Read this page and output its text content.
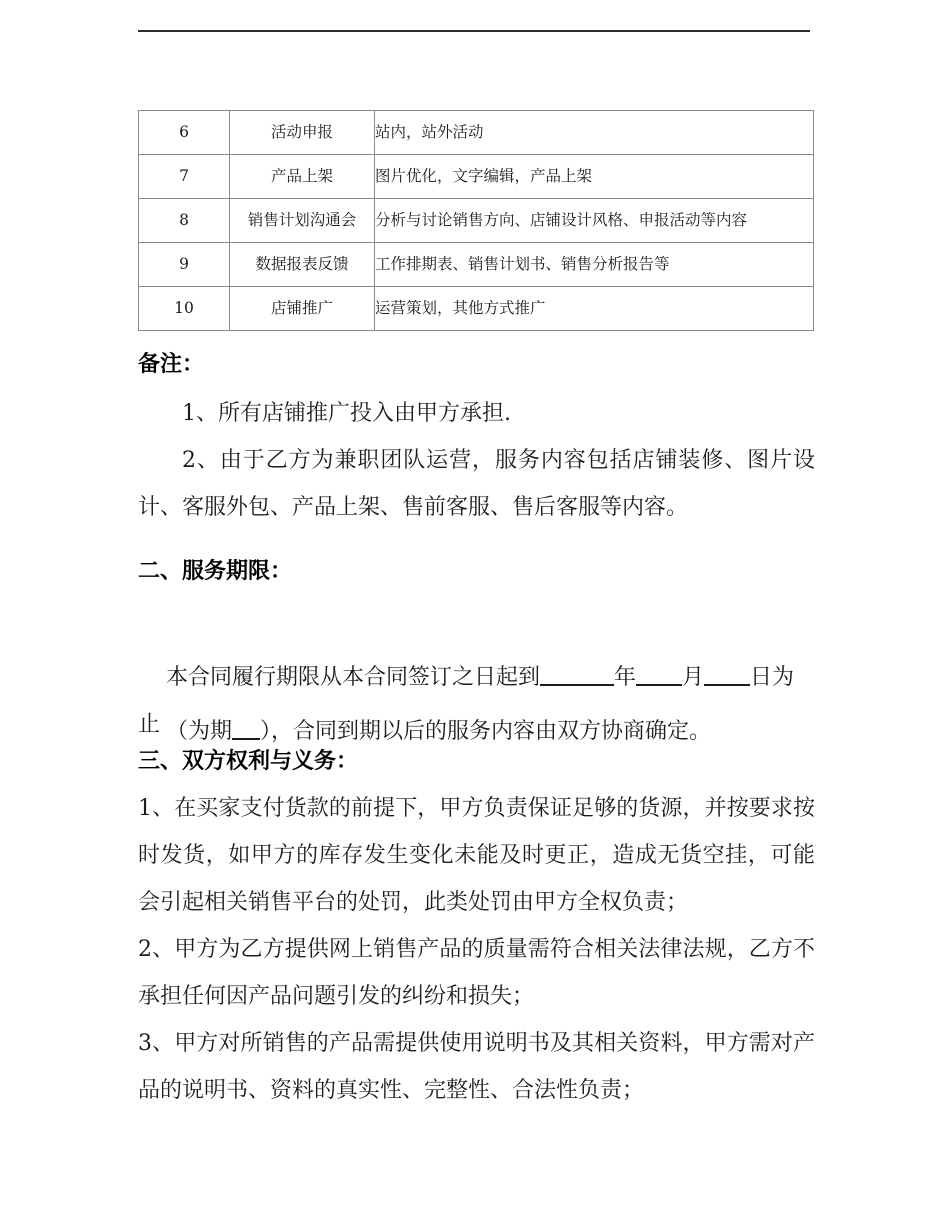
6	活动申报	站内，站外活动
7	产品上架	图片优化，文字编辑，产品上架
8	销售计划沟通会	分析与讨论销售方向、店铺设计风格、申报活动等内容
9	数据报表反馈	工作排期表、销售计划书、销售分析报告等
10	店铺推广	运营策划，其他方式推广
备注：
1、所有店铺推广投入由甲方承担.
2、由于乙方为兼职团队运营，服务内容包括店铺装修、图片设计、客服外包、产品上架、售前客服、售后客服等内容。
二、服务期限：

本合同履行期限从本合同签订之日起到	年 月 日为止
（为期 ），合同到期以后的服务内容由双方协商确定。

三、双方权利与义务：
1、在买家支付货款的前提下，甲方负责保证足够的货源，并按要求按时发货，如甲方的库存发生变化未能及时更正，造成无货空挂，可能会引起相关销售平台的处罚，此类处罚由甲方全权负责；
2、甲方为乙方提供网上销售产品的质量需符合相关法律法规，乙方不承担任何因产品问题引发的纠纷和损失；
3、甲方对所销售的产品需提供使用说明书及其相关资料，甲方需对产品的说明书、资料的真实性、完整性、合法性负责；
